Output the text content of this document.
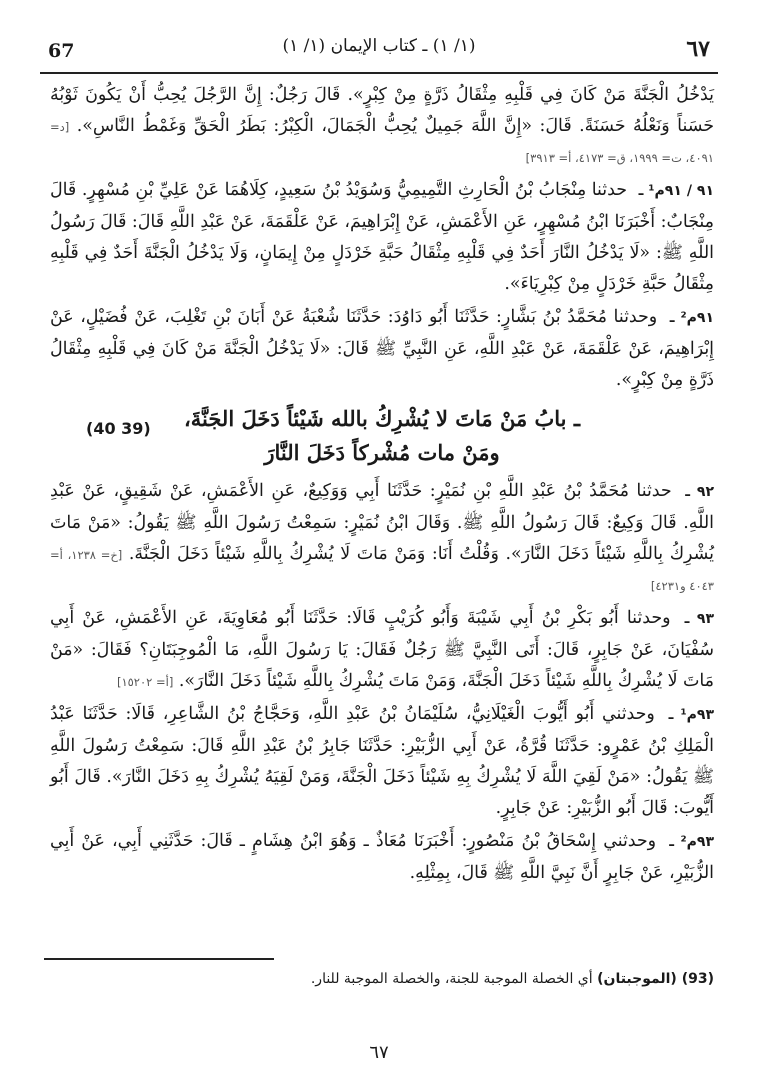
67	(١/ ١) ـ كتاب الإيمان (١/ ١)	٦٧
يَدْخُلُ الْجَنَّةَ مَنْ كَانَ فِي قَلْبِهِ مِثْقَالُ ذَرَّةٍ مِنْ كِبْرٍ». قَالَ رَجُلٌ: إِنَّ الرَّجُلَ يُحِبُّ أَنْ يَكُونَ ثَوْبُهُ حَسَناً وَنَعْلُهُ حَسَنَةً. قَالَ: «إِنَّ اللَّهَ جَمِيلٌ يُحِبُّ الْجَمَالَ، الْكِبْرُ: بَطَرُ الْحَقِّ وَغَمْطُ النَّاسِ». [د= ٤٠٩١، ت= ١٩٩٩، ق= ٤١٧٣، أ= ٣٩١٣]
٩١ / ٩١م¹ ـ حدثنا مِنْجَابُ بْنُ الْحَارِثِ التَّمِيمِيُّ وَسُوَيْدُ بْنُ سَعِيدٍ، كِلَاهُمَا عَنْ عَلِيِّ بْنِ مُسْهِرٍ. قَالَ مِنْجَابٌ: أَخْبَرَنَا ابْنُ مُسْهِرٍ، عَنِ الأَعْمَشِ، عَنْ إِبْرَاهِيمَ، عَنْ عَلْقَمَةَ، عَنْ عَبْدِ اللَّهِ قَالَ: قَالَ رَسُولُ اللَّهِ ﷺ: «لَا يَدْخُلُ النَّارَ أَحَدٌ فِي قَلْبِهِ مِثْقَالُ حَبَّةِ خَرْدَلٍ مِنْ إِيمَانٍ، وَلَا يَدْخُلُ الْجَنَّةَ أَحَدٌ فِي قَلْبِهِ مِثْقَالُ حَبَّةِ خَرْدَلٍ مِنْ كِبْرِيَاءَ».
٩١م² ـ وحدثنا مُحَمَّدُ بْنُ بَشَّارٍ: حَدَّثَنَا أَبُو دَاوُدَ: حَدَّثَنَا شُعْبَةُ عَنْ أَبَانَ بْنِ تَغْلِبَ، عَنْ فُضَيْلٍ، عَنْ إِبْرَاهِيمَ، عَنْ عَلْقَمَةَ، عَنْ عَبْدِ اللَّهِ، عَنِ النَّبِيِّ ﷺ قَالَ: «لَا يَدْخُلُ الْجَنَّةَ مَنْ كَانَ فِي قَلْبِهِ مِثْقَالُ ذَرَّةٍ مِنْ كِبْرٍ».
(40 39)	ـ بابُ مَنْ مَاتَ لا يُشْرِكُ بالله شَيْئاً دَخَلَ الجَنَّةَ،
ومَنْ مات مُشْركاً دَخَلَ النَّارَ
٩٢ ـ حدثنا مُحَمَّدُ بْنُ عَبْدِ اللَّهِ بْنِ نُمَيْرٍ: حَدَّثَنَا أَبِي وَوَكِيعٌ، عَنِ الأَعْمَشِ، عَنْ شَقِيقٍ، عَنْ عَبْدِ اللَّهِ. قَالَ وَكِيعٌ: قَالَ رَسُولُ اللَّهِ ﷺ. وَقَالَ ابْنُ نُمَيْرٍ: سَمِعْتُ رَسُولَ اللَّهِ ﷺ يَقُولُ: «مَنْ مَاتَ يُشْرِكُ بِاللَّهِ شَيْئاً دَخَلَ النَّارَ». وَقُلْتُ أَنَا: وَمَنْ مَاتَ لَا يُشْرِكُ بِاللَّهِ شَيْئاً دَخَلَ الْجَنَّةَ. [خ= ١٢٣٨، أ= ٤٠٤٣ و٤٢٣١]
٩٣ ـ وحدثنا أَبُو بَكْرِ بْنُ أَبِي شَيْبَةَ وَأَبُو كُرَيْبٍ قَالَا: حَدَّثَنَا أَبُو مُعَاوِيَةَ، عَنِ الأَعْمَشِ، عَنْ أَبِي سُفْيَانَ، عَنْ جَابِرٍ، قَالَ: أَتَى النَّبِيَّ ﷺ رَجُلٌ فَقَالَ: يَا رَسُولَ اللَّهِ، مَا الْمُوجِبَتَانِ؟ فَقَالَ: «مَنْ مَاتَ لَا يُشْرِكُ بِاللَّهِ شَيْئاً دَخَلَ الْجَنَّةَ، وَمَنْ مَاتَ يُشْرِكُ بِاللَّهِ شَيْئاً دَخَلَ النَّارَ». [أ= ١٥٢٠٢]
٩٣م¹ ـ وحدثني أَبُو أَيُّوبَ الْغَيْلَانِيُّ، سُلَيْمَانُ بْنُ عَبْدِ اللَّهِ، وَحَجَّاجُ بْنُ الشَّاعِرِ، قَالَا: حَدَّثَنَا عَبْدُ الْمَلِكِ بْنُ عَمْرٍو: حَدَّثَنَا قُرَّةُ، عَنْ أَبِي الزُّبَيْرِ: حَدَّثَنَا جَابِرُ بْنُ عَبْدِ اللَّهِ قَالَ: سَمِعْتُ رَسُولَ اللَّهِ ﷺ يَقُولُ: «مَنْ لَقِيَ اللَّهَ لَا يُشْرِكُ بِهِ شَيْئاً دَخَلَ الْجَنَّةَ، وَمَنْ لَقِيَهُ يُشْرِكُ بِهِ دَخَلَ النَّارَ». قَالَ أَبُو أَيُّوبَ: قَالَ أَبُو الزُّبَيْرِ: عَنْ جَابِرٍ.
٩٣م² ـ وحدثني إِسْحَاقُ بْنُ مَنْصُورٍ: أَخْبَرَنَا مُعَاذٌ ـ وَهُوَ ابْنُ هِشَامٍ ـ قَالَ: حَدَّثَنِي أَبِي، عَنْ أَبِي الزُّبَيْرِ، عَنْ جَابِرٍ أَنَّ نَبِيَّ اللَّهِ ﷺ قَالَ، بِمِثْلِهِ.
(93) (الموجبتان) أي الخصلة الموجبة للجنة، والخصلة الموجبة للنار.
٦٧
